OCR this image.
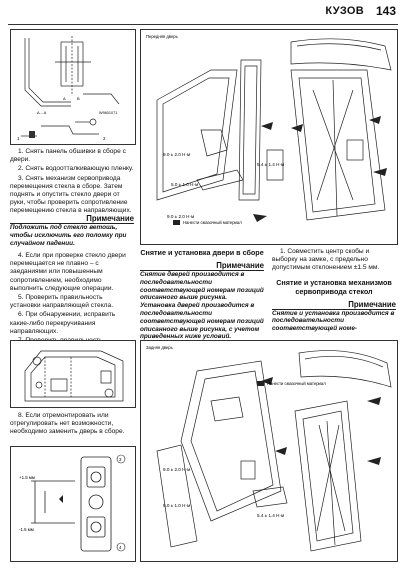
КУЗОВ 143
A	B
A – A	W9601071
1	2

1. Снять панель обшивки в сборе с двери.

2. Снять водоотталкивающую пленку.

3. Снять механизм сервопривода перемещения стекла в сборе. Затем поднять и опустить стекло двери от руки, чтобы проверить сопротивление перемещению стекла в направляющих.

Примечание
Подложить под стекло ветошь, чтобы исключить его поломку при случайном падении.

4. Если при проверке стекло двери перемещается не плавно – с заеданиями или повышенным сопротивлением, необходимо выполнить следующие операции.

5. Проверить правильность установки направляющей стекла.

6. При обнаружении, исправить какие-либо перекручивания направляющих.

8. Если отремонтировать или отрегулировать нет возможности, необходимо заменить дверь в сборе.

+1.5 мм
-1.5 мм
3
4
Передняя дверь
9.0 ± 2.0 Н·м
5.4 ± 1.4 Н·м
5.0 ± 1.0 Н·м
9.0 ± 2.0 Н·м
Нанести смазочный материал
Снятие и установка двери в сборе
Примечание
Снятие дверей производится в последовательности соответствующей номерам позиций описанного выше рисунка. Установка дверей производится в последовательности соответствующей номерам позиций описанного выше рисунка, с учетом приведенных ниже условий.

1. Совместить центр скобы и выборку на замке, с предельно допустимым отклонением ±1.5 мм.

Снятие и установка механизмов сервопривода стекол
Примечание
Снятие и установка производится в последовательности соответствующей номе-
Задняя дверь
9.0 ± 2.0 Н·м
5.4 ± 1.4 Н·м
9.0 ± 1.0 Н·м
Нанести смазочный материал
